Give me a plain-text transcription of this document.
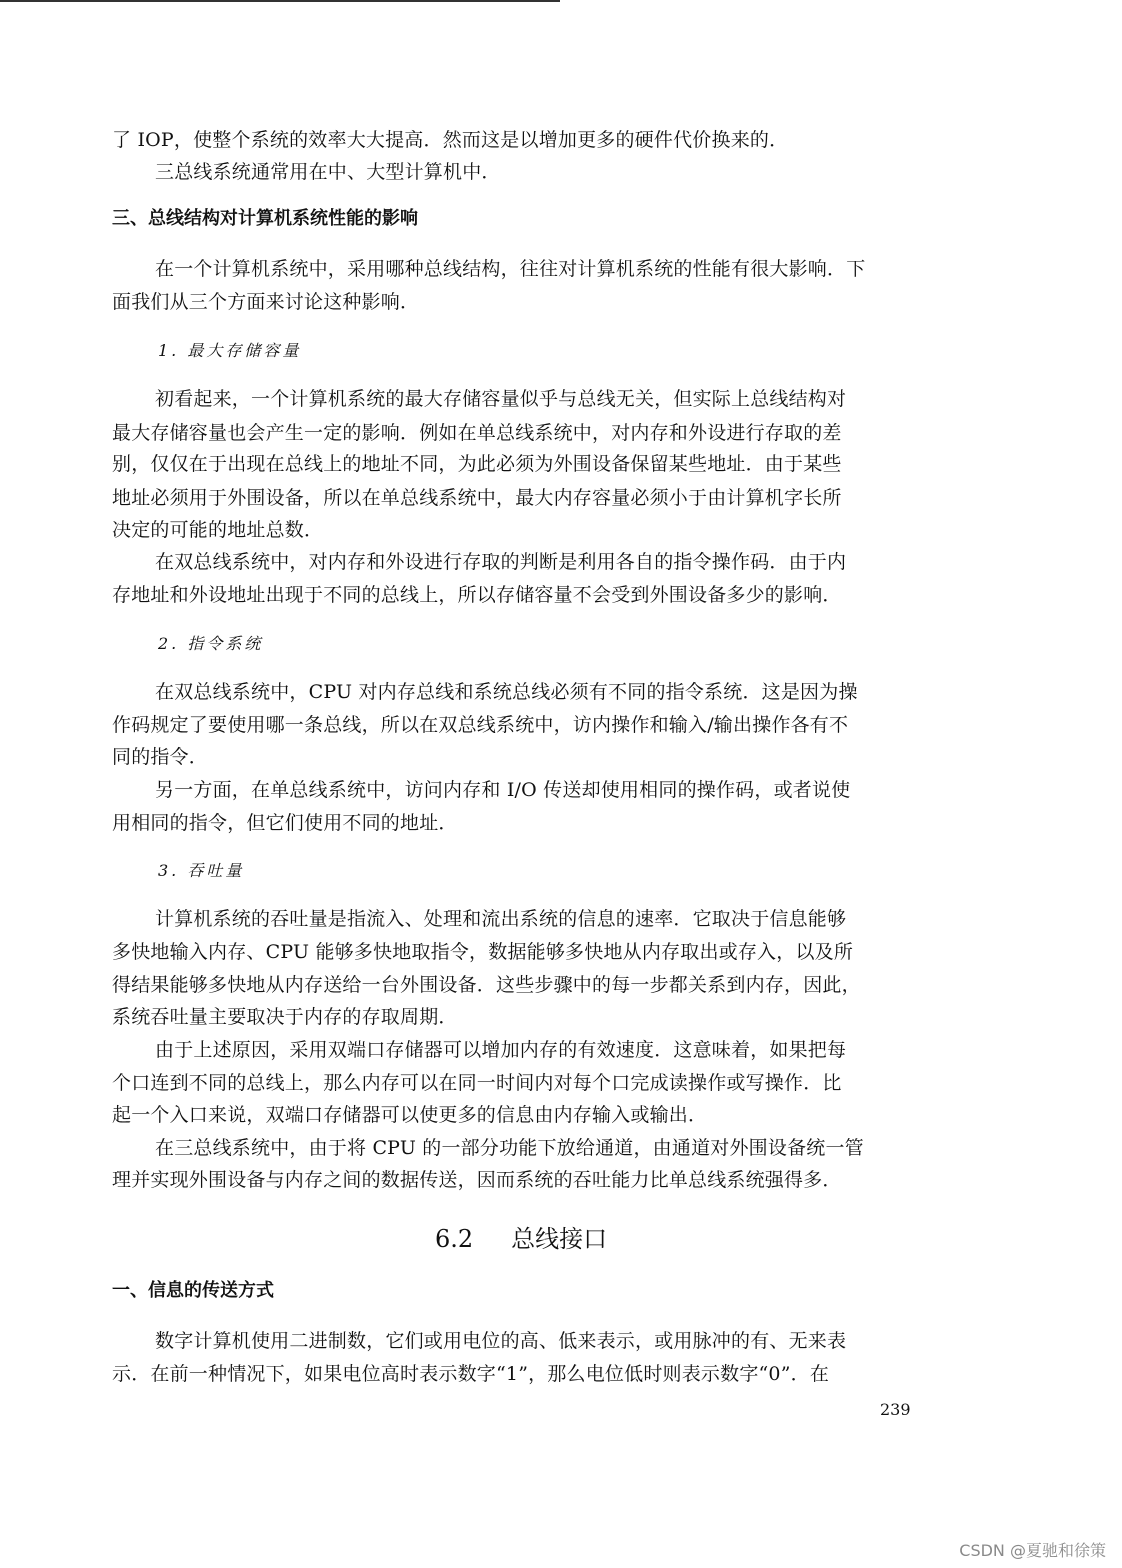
了 IOP，使整个系统的效率大大提高．然而这是以增加更多的硬件代价换来的．
三总线系统通常用在中、大型计算机中．
三、总线结构对计算机系统性能的影响
在一个计算机系统中，采用哪种总线结构，往往对计算机系统的性能有很大影响．下
面我们从三个方面来讨论这种影响．
1. 最大存储容量
初看起来，一个计算机系统的最大存储容量似乎与总线无关，但实际上总线结构对
最大存储容量也会产生一定的影响．例如在单总线系统中，对内存和外设进行存取的差
别，仅仅在于出现在总线上的地址不同，为此必须为外围设备保留某些地址．由于某些
地址必须用于外围设备，所以在单总线系统中，最大内存容量必须小于由计算机字长所
决定的可能的地址总数．
在双总线系统中，对内存和外设进行存取的判断是利用各自的指令操作码．由于内
存地址和外设地址出现于不同的总线上，所以存储容量不会受到外围设备多少的影响．
2. 指令系统
在双总线系统中，CPU 对内存总线和系统总线必须有不同的指令系统．这是因为操
作码规定了要使用哪一条总线，所以在双总线系统中，访内操作和输入/输出操作各有不
同的指令．
另一方面，在单总线系统中，访问内存和 I/O 传送却使用相同的操作码，或者说使
用相同的指令，但它们使用不同的地址．
3. 吞吐量
计算机系统的吞吐量是指流入、处理和流出系统的信息的速率．它取决于信息能够
多快地输入内存、CPU 能够多快地取指令，数据能够多快地从内存取出或存入，以及所
得结果能够多快地从内存送给一台外围设备．这些步骤中的每一步都关系到内存，因此，
系统吞吐量主要取决于内存的存取周期．
由于上述原因，采用双端口存储器可以增加内存的有效速度．这意味着，如果把每
个口连到不同的总线上，那么内存可以在同一时间内对每个口完成读操作或写操作．比
起一个入口来说，双端口存储器可以使更多的信息由内存输入或输出．
在三总线系统中，由于将 CPU 的一部分功能下放给通道，由通道对外围设备统一管
理并实现外围设备与内存之间的数据传送，因而系统的吞吐能力比单总线系统强得多．
6.2 总线接口
一、信息的传送方式
数字计算机使用二进制数，它们或用电位的高、低来表示，或用脉冲的有、无来表
示．在前一种情况下，如果电位高时表示数字“1”，那么电位低时则表示数字“0”．在
239
CSDN @夏驰和徐策
